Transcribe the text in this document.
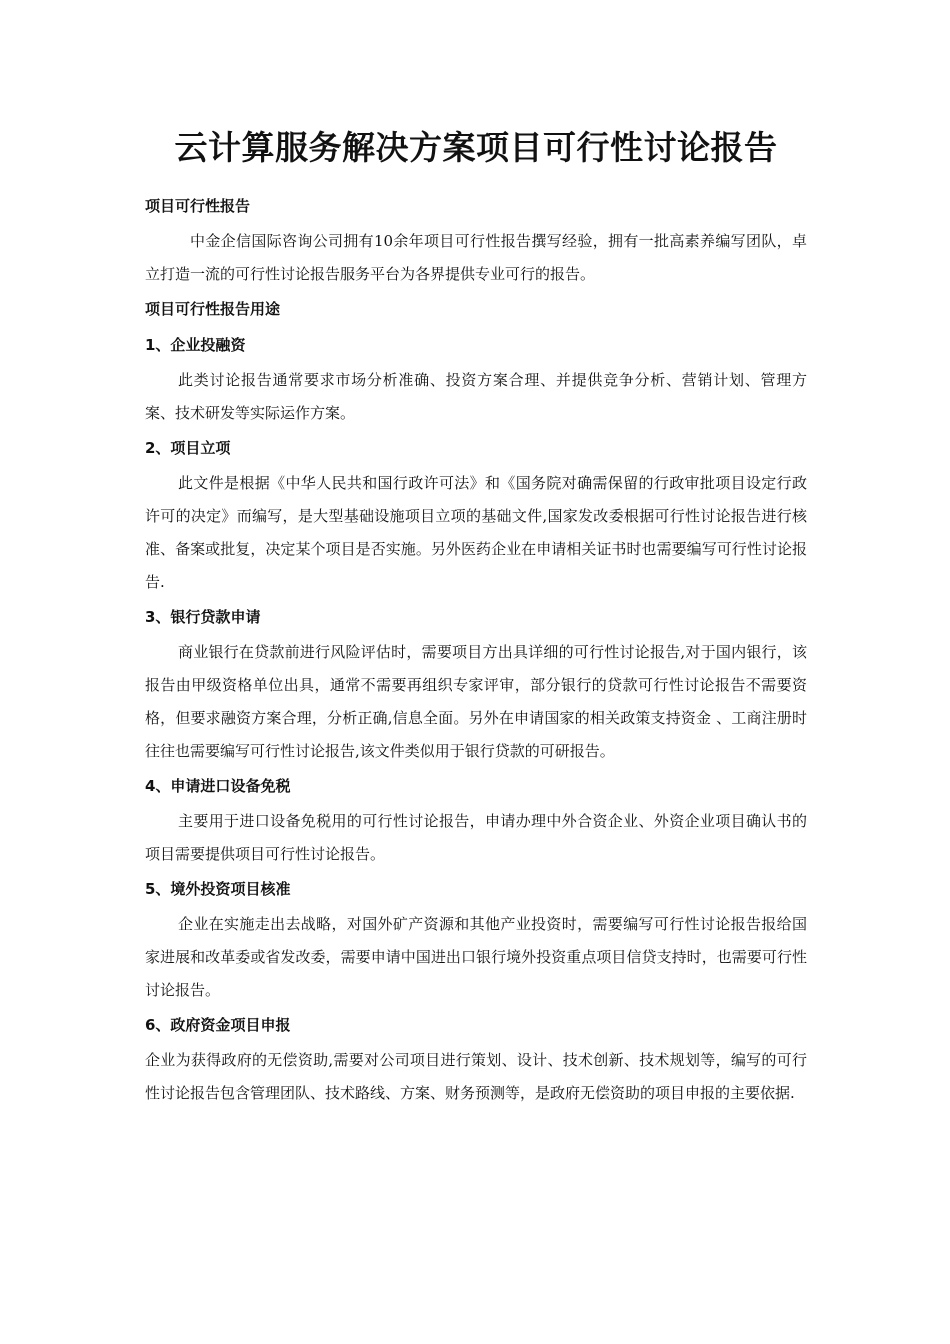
云计算服务解决方案项目可行性讨论报告
项目可行性报告

中金企信国际咨询公司拥有10余年项目可行性报告撰写经验，拥有一批高素养编写团队，卓立打造一流的可行性讨论报告服务平台为各界提供专业可行的报告。

项目可行性报告用途
1、企业投融资

此类讨论报告通常要求市场分析准确、投资方案合理、并提供竞争分析、营销计划、管理方案、技术研发等实际运作方案。

2、项目立项

此文件是根据《中华人民共和国行政许可法》和《国务院对确需保留的行政审批项目设定行政许可的决定》而编写，是大型基础设施项目立项的基础文件,国家发改委根据可行性讨论报告进行核准、备案或批复，决定某个项目是否实施。另外医药企业在申请相关证书时也需要编写可行性讨论报告.

3、银行贷款申请

商业银行在贷款前进行风险评估时，需要项目方出具详细的可行性讨论报告,对于国内银行，该报告由甲级资格单位出具，通常不需要再组织专家评审，部分银行的贷款可行性讨论报告不需要资格，但要求融资方案合理，分析正确,信息全面。另外在申请国家的相关政策支持资金 、工商注册时往往也需要编写可行性讨论报告,该文件类似用于银行贷款的可研报告。

4、申请进口设备免税

主要用于进口设备免税用的可行性讨论报告，申请办理中外合资企业、外资企业项目确认书的项目需要提供项目可行性讨论报告。

5、境外投资项目核准

企业在实施走出去战略，对国外矿产资源和其他产业投资时，需要编写可行性讨论报告报给国家进展和改革委或省发改委，需要申请中国进出口银行境外投资重点项目信贷支持时，也需要可行性讨论报告。

6、政府资金项目申报

企业为获得政府的无偿资助,需要对公司项目进行策划、设计、技术创新、技术规划等，编写的可行性讨论报告包含管理团队、技术路线、方案、财务预测等，是政府无偿资助的项目申报的主要依据.
